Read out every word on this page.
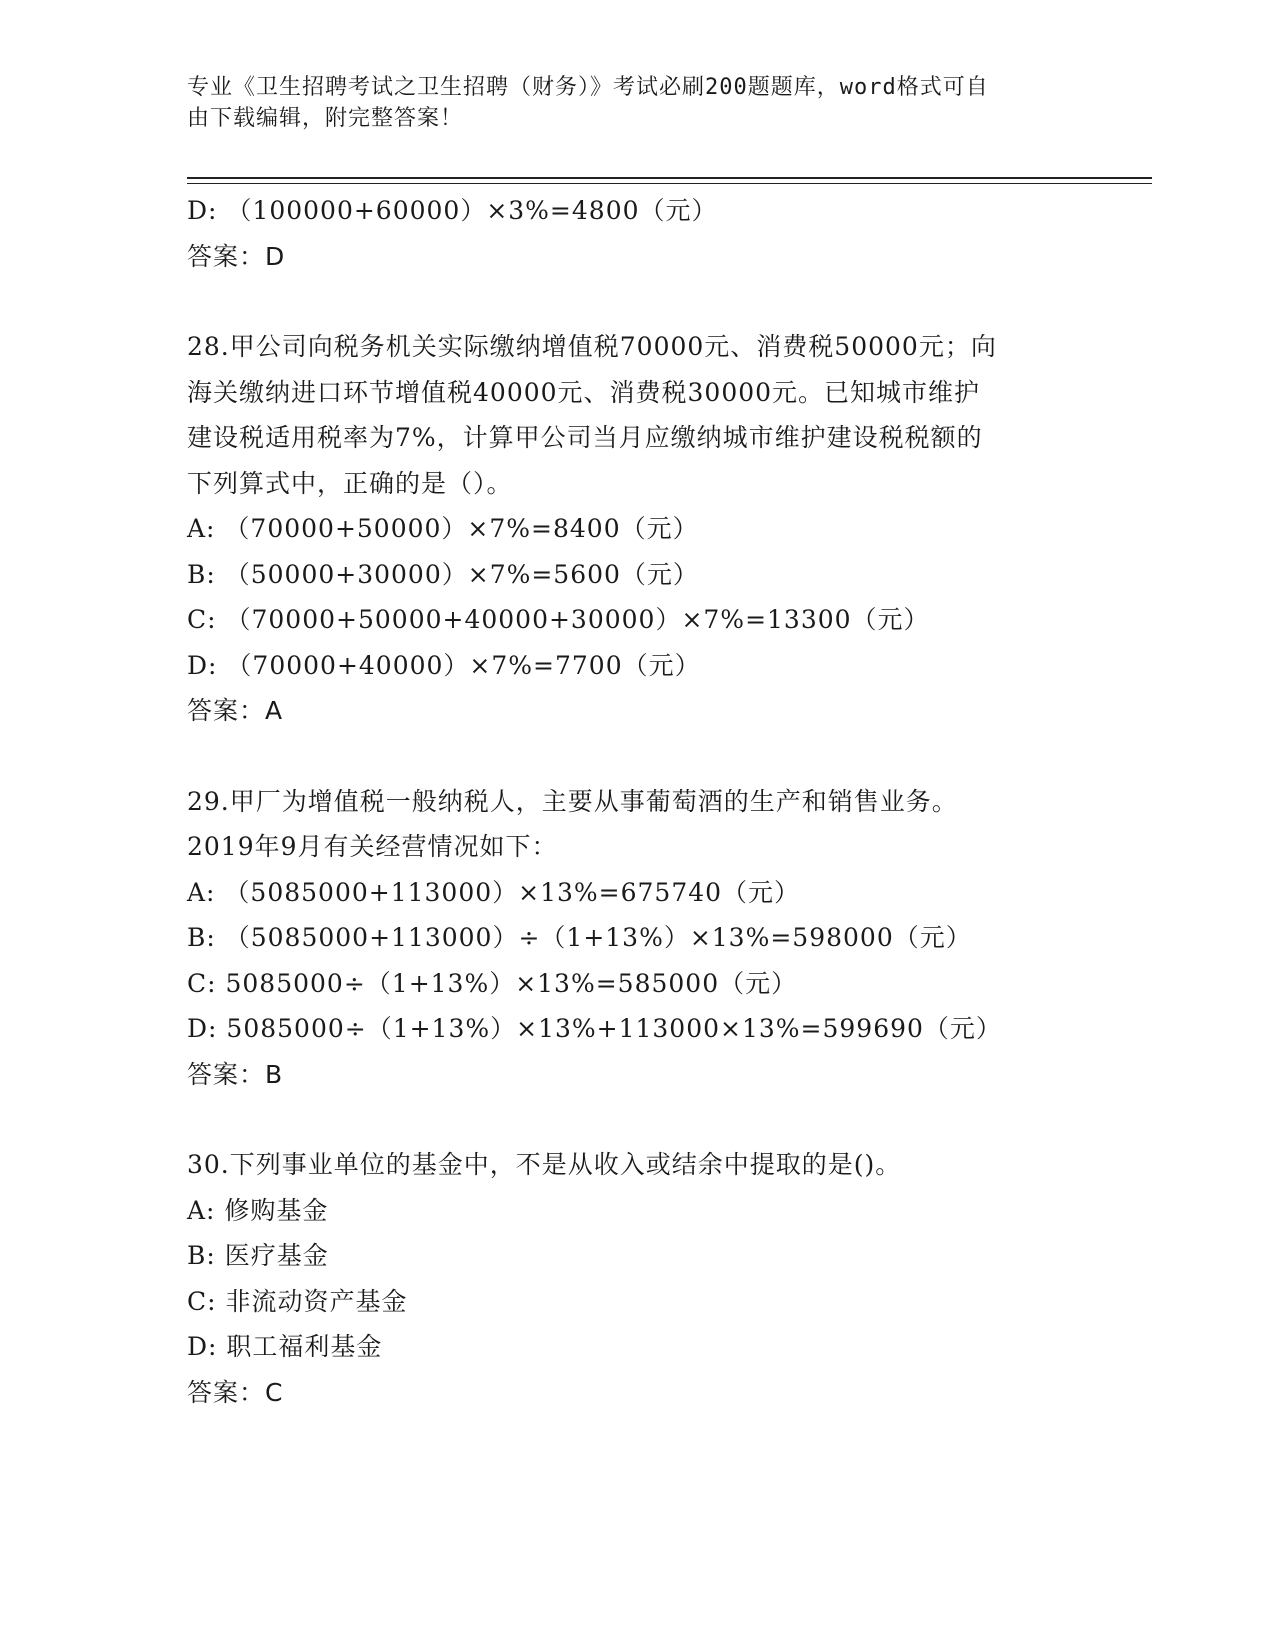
专业《卫生招聘考试之卫生招聘（财务）》考试必刷200题题库，word格式可自
由下载编辑，附完整答案！
D: （100000+60000）×3%=4800（元）
答案：D
28.甲公司向税务机关实际缴纳增值税70000元、消费税50000元；向
海关缴纳进口环节增值税40000元、消费税30000元。已知城市维护
建设税适用税率为7%，计算甲公司当月应缴纳城市维护建设税税额的
下列算式中，正确的是（）。
A: （70000+50000）×7%=8400（元）
B: （50000+30000）×7%=5600（元）
C: （70000+50000+40000+30000）×7%=13300（元）
D: （70000+40000）×7%=7700（元）
答案：A
29.甲厂为增值税一般纳税人，主要从事葡萄酒的生产和销售业务。
2019年9月有关经营情况如下：
A: （5085000+113000）×13%=675740（元）
B: （5085000+113000）÷（1+13%）×13%=598000（元）
C: 5085000÷（1+13%）×13%=585000（元）
D: 5085000÷（1+13%）×13%+113000×13%=599690（元）
答案：B
30.下列事业单位的基金中，不是从收入或结余中提取的是()。
A: 修购基金
B: 医疗基金
C: 非流动资产基金
D: 职工福利基金
答案：C
